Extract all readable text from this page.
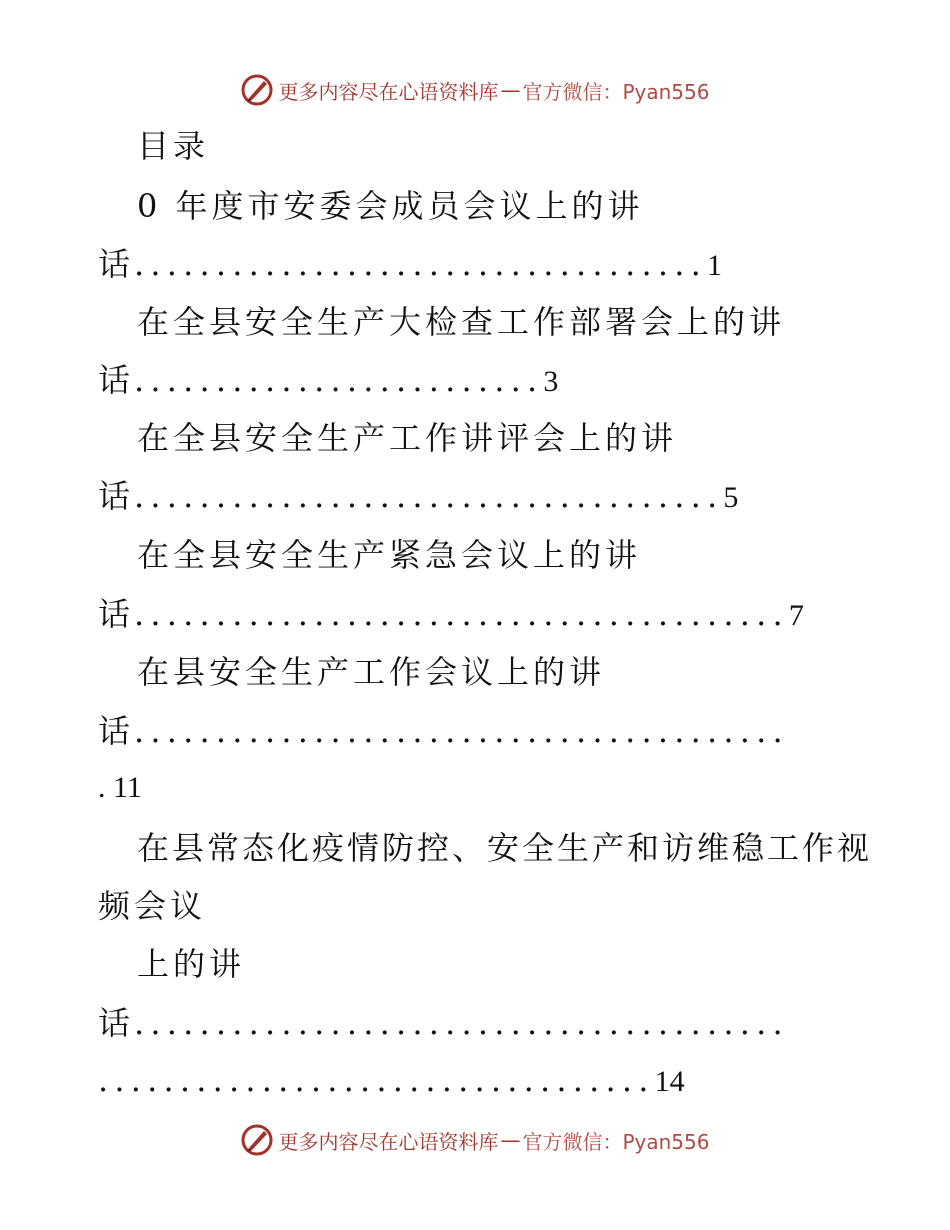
更多内容尽在心语资料库 — 官方微信：Pyan556
目录
0 年度市安委会成员会议上的讲
话...................................1
在全县安全生产大检查工作部署会上的讲
话.........................3
在全县安全生产工作讲评会上的讲
话....................................5
在全县安全生产紧急会议上的讲
话........................................7
在县安全生产工作会议上的讲
话........................................
. 11
在县常态化疫情防控、安全生产和访维稳工作视
频会议
上的讲
话........................................
..................................14
更多内容尽在心语资料库 — 官方微信：Pyan556
